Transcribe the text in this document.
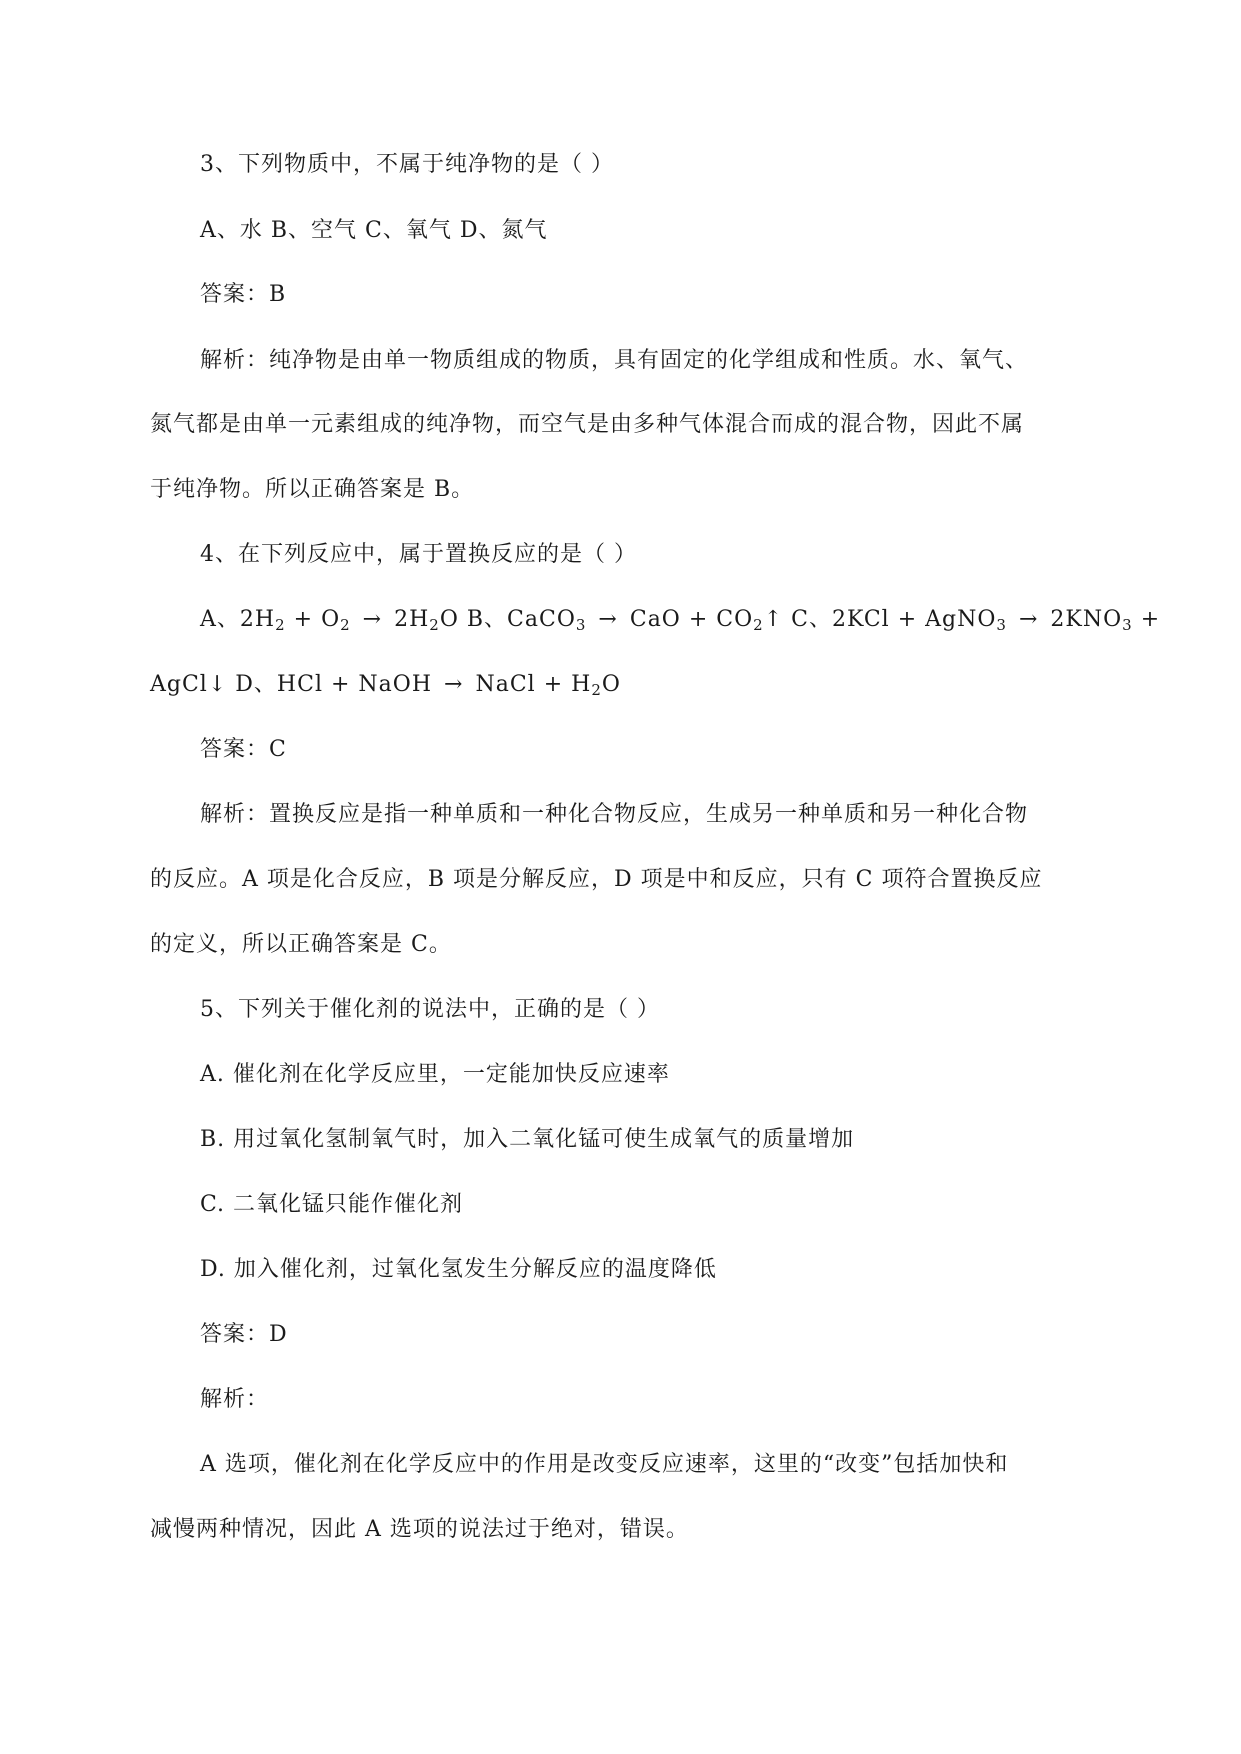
3、下列物质中，不属于纯净物的是（ ）
A、水 B、空气 C、氧气 D、氮气
答案：B
解析：纯净物是由单一物质组成的物质，具有固定的化学组成和性质。水、氧气、
氮气都是由单一元素组成的纯净物，而空气是由多种气体混合而成的混合物，因此不属
于纯净物。所以正确答案是 B。
4、在下列反应中，属于置换反应的是（ ）
A、$2H_2 + O_2 \to 2H_2O$ B、CaCO$_3$ → CaO + $CO_2↑$ C、2KCl + AgNO$_3$ → $2KNO_3$ +
AgCl↓ D、HCl + NaOH → NaCl + $H_2O$
答案：C
解析：置换反应是指一种单质和一种化合物反应，生成另一种单质和另一种化合物
的反应。A 项是化合反应，B 项是分解反应，D 项是中和反应，只有 C 项符合置换反应
的定义，所以正确答案是 C。
5、下列关于催化剂的说法中，正确的是（ ）
A. 催化剂在化学反应里，一定能加快反应速率
B. 用过氧化氢制氧气时，加入二氧化锰可使生成氧气的质量增加
C. 二氧化锰只能作催化剂
D. 加入催化剂，过氧化氢发生分解反应的温度降低
答案：D
解析：
A 选项，催化剂在化学反应中的作用是改变反应速率，这里的“改变”包括加快和
减慢两种情况，因此 A 选项的说法过于绝对，错误。
